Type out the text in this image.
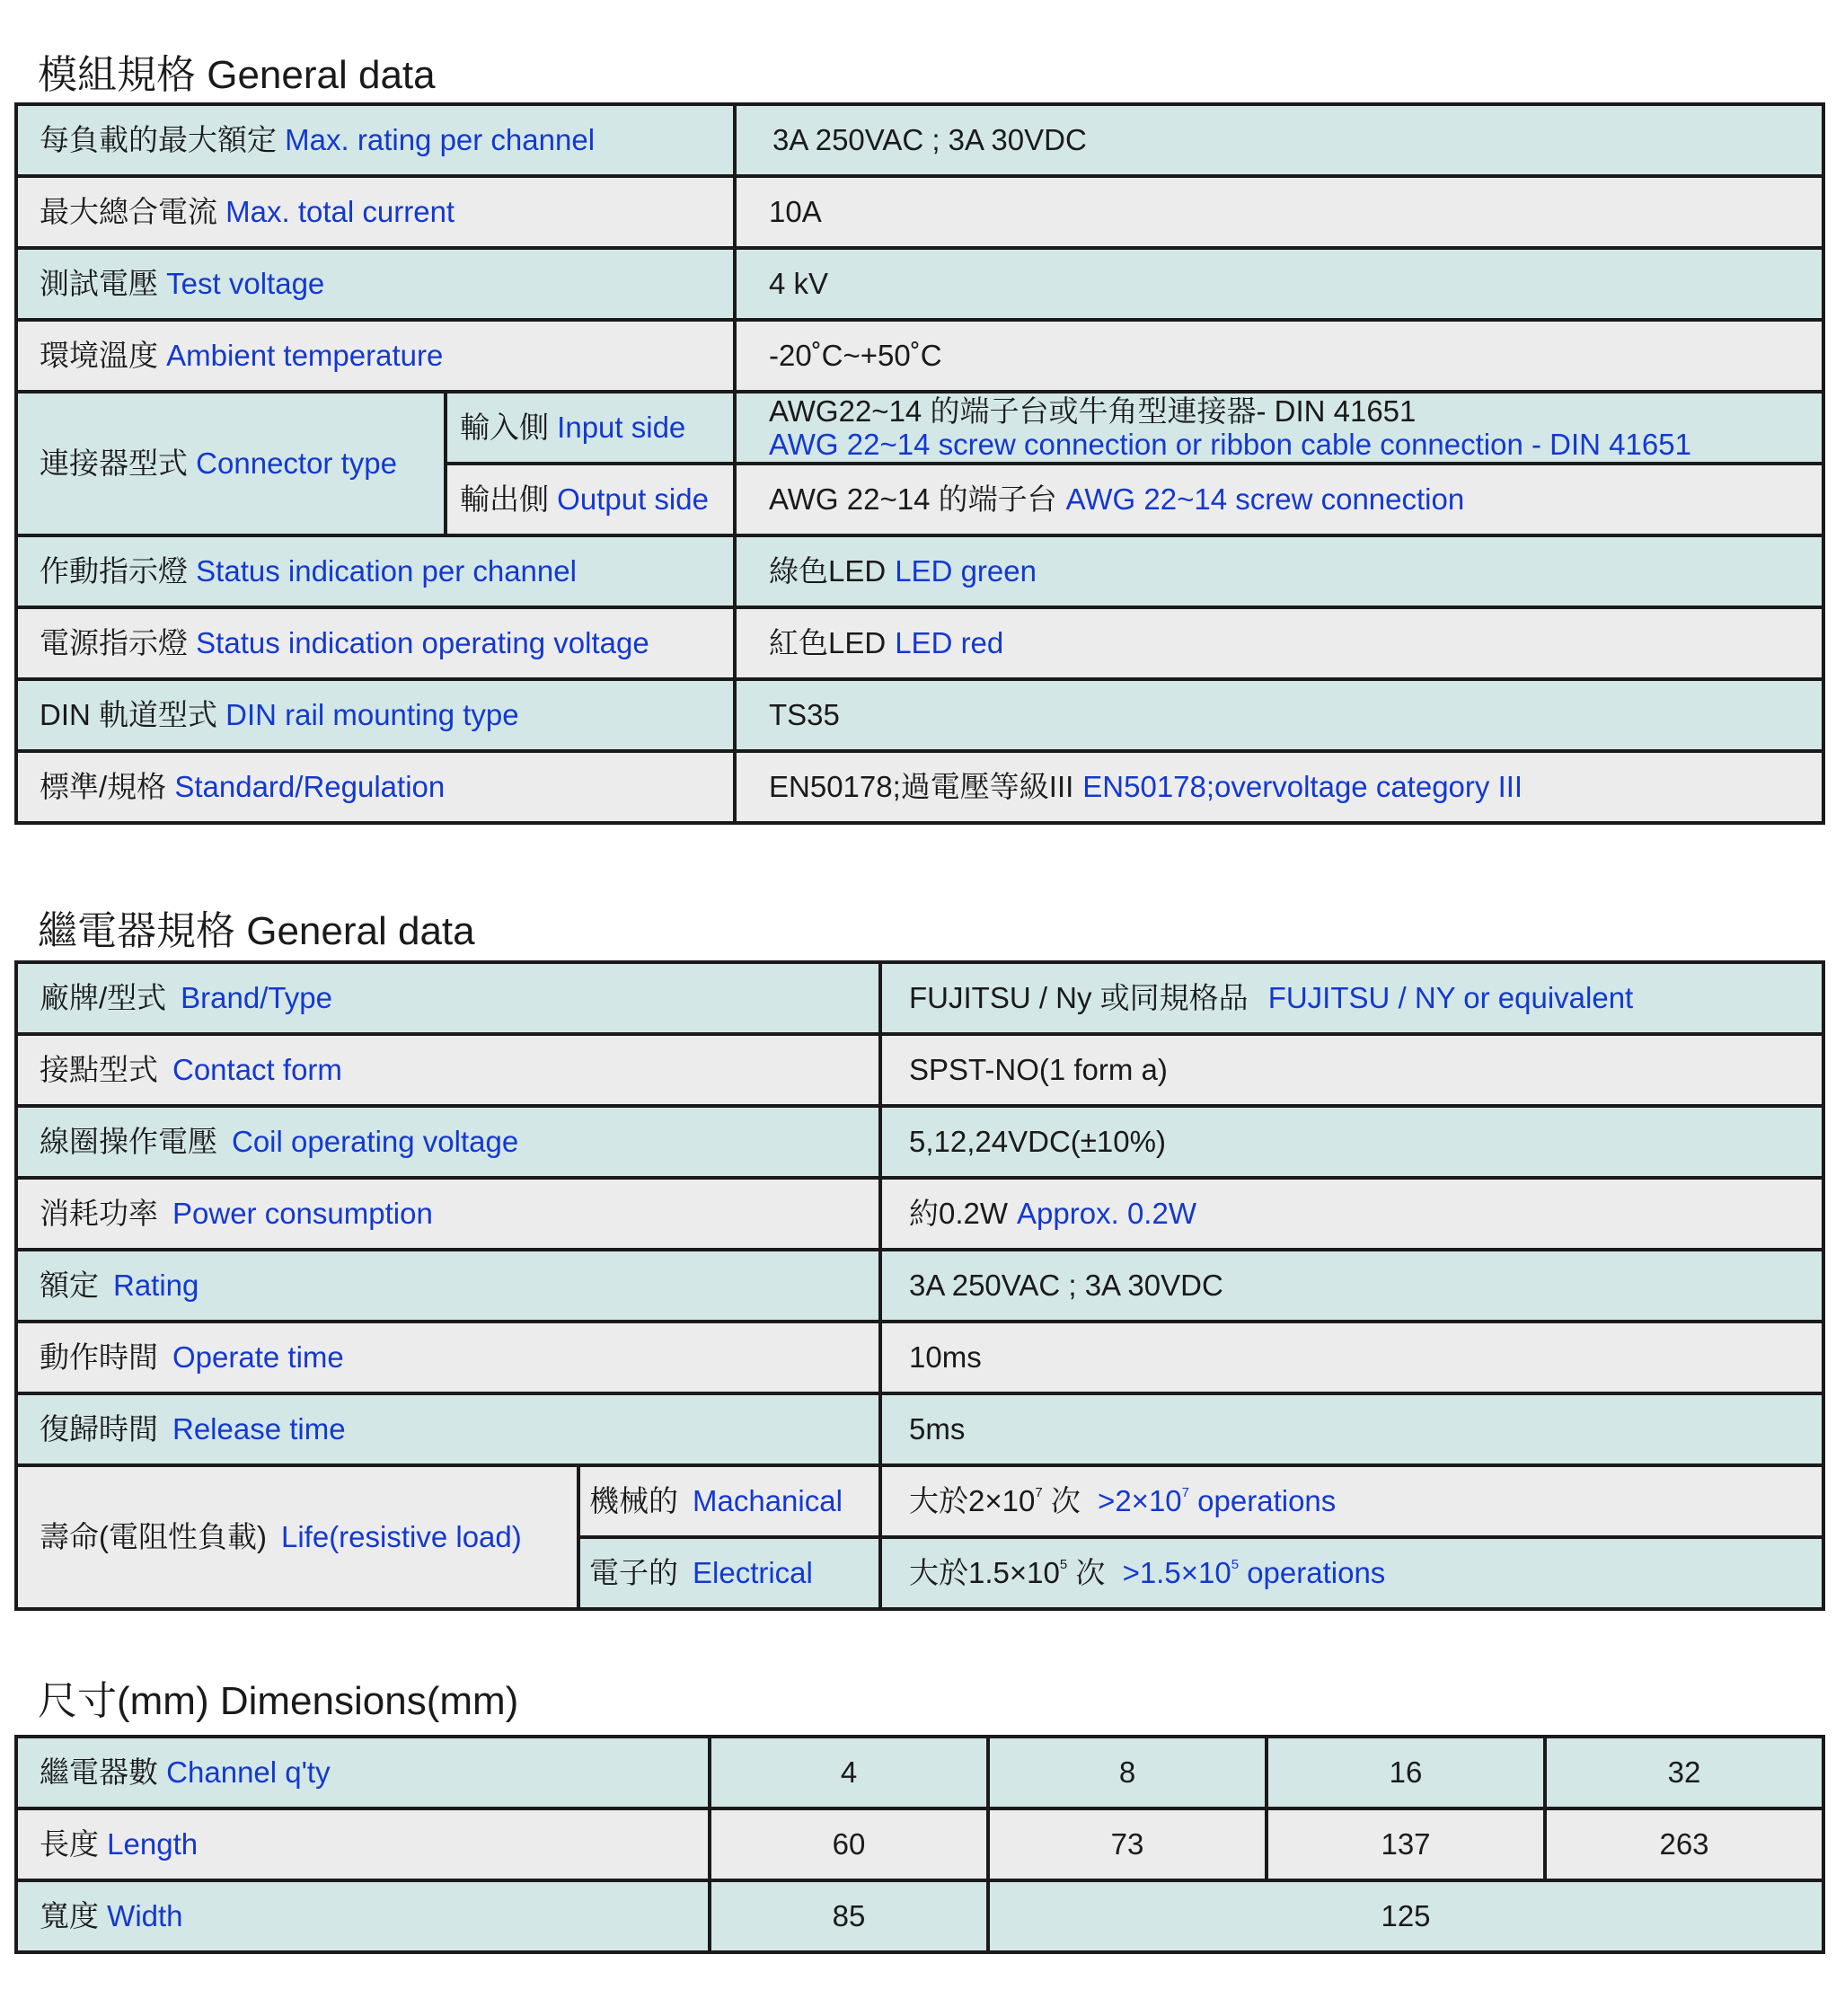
模組規格 General data
每負載的最大額定 Max. rating per channel		3A 250VAC ; 3A 30VDC
最大總合電流 Max. total current		10A
測試電壓 Test voltage		4 kV
環境溫度 Ambient temperature		-20˚C~+50˚C
連接器型式 Connector type	輸入側 Input side	AWG22~14 的端子台或牛角型連接器- DIN 41651
AWG 22~14 screw connection or ribbon cable connection - DIN 41651

	輸出側 Output side	AWG 22~14 的端子台 AWG 22~14 screw connection
作動指示燈 Status indication per channel		綠色LED LED green
電源指示燈 Status indication operating voltage		紅色LED LED red
DIN 軌道型式 DIN rail mounting type		TS35
標準/規格 Standard/Regulation		EN50178;過電壓等級III EN50178;overvoltage category III
繼電器規格 General data
廠牌/型式 Brand/Type		FUJITSU / Ny 或同規格品 FUJITSU / NY or equivalent
接點型式 Contact form		SPST-NO(1 form a)
線圈操作電壓 Coil operating voltage		5,12,24VDC(±10%)
消耗功率 Power consumption		約0.2W Approx. 0.2W
額定 Rating		3A 250VAC ; 3A 30VDC
動作時間 Operate time		10ms
復歸時間 Release time		5ms
壽命(電阻性負載) Life(resistive load)	機械的 Machanical	大於$2\times 10^7$ 次 $>2\times 10^7$ operations
	電子的 Electrical	大於$1.5\times 10^5$ 次 $>1.5\times 10^5$ operations
尺寸(mm) Dimensions(mm)
繼電器數 Channel q'ty	4	8	16	32
長度 Length	60	73	137	263
寬度 Width	85	125		
